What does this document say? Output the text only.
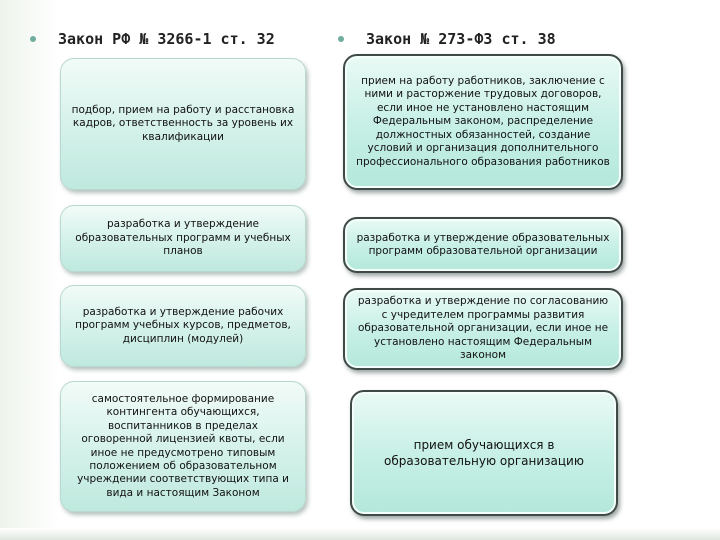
Закон РФ № 3266-1 ст. 32	Закон № 273-ФЗ ст. 38
подбор, прием на работу и расстановка кадров, ответственность за уровень их квалификации
разработка и утверждение образовательных программ и учебных планов
разработка и утверждение рабочих программ учебных курсов, предметов, дисциплин (модулей)
самостоятельное формирование контингента обучающихся, воспитанников в пределах оговоренной лицензией квоты, если иное не предусмотрено типовым положением об образовательном учреждении соответствующих типа и вида и настоящим Законом
прием на работу работников, заключение с ними и расторжение трудовых договоров, если иное не установлено настоящим Федеральным законом, распределение должностных обязанностей, создание условий и организация дополнительного профессионального образования работников
разработка и утверждение образовательных программ образовательной организации
разработка и утверждение по согласованию с учредителем программы развития образовательной организации, если иное не установлено настоящим Федеральным законом
прием обучающихся в образовательную организацию
